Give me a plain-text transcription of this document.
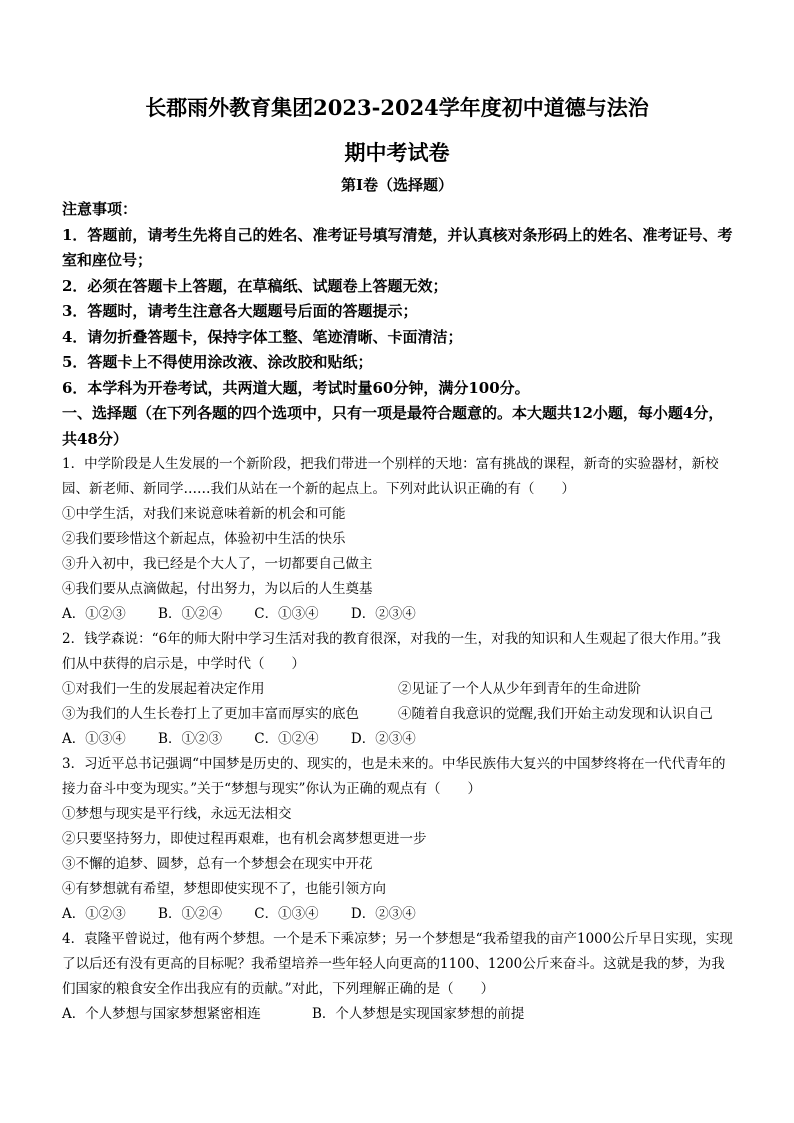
长郡雨外教育集团2023-2024学年度初中道德与法治
期中考试卷
第Ⅰ卷（选择题）
注意事项：
1．答题前，请考生先将自己的姓名、准考证号填写清楚，并认真核对条形码上的姓名、准考证号、考室和座位号；
2．必须在答题卡上答题，在草稿纸、试题卷上答题无效；
3．答题时，请考生注意各大题题号后面的答题提示；
4．请勿折叠答题卡，保持字体工整、笔迹清晰、卡面清洁；
5．答题卡上不得使用涂改液、涂改胶和贴纸；
6．本学科为开卷考试，共两道大题，考试时量60分钟，满分100分。
一、选择题（在下列各题的四个选项中，只有一项是最符合题意的。本大题共12小题，每小题4分，共48分）
1．中学阶段是人生发展的一个新阶段，把我们带进一个别样的天地：富有挑战的课程，新奇的实验器材，新校园、新老师、新同学……我们从站在一个新的起点上。下列对此认识正确的有（　　）
①中学生活，对我们来说意味着新的机会和可能
②我们要珍惜这个新起点，体验初中生活的快乐
③升入初中，我已经是个大人了，一切都要自己做主
④我们要从点滴做起，付出努力，为以后的人生奠基
A．①②③ B．①②④ C．①③④ D．②③④
2．钱学森说：“6年的师大附中学习生活对我的教育很深，对我的一生，对我的知识和人生观起了很大作用。”我们从中获得的启示是，中学时代（　　）
①对我们一生的发展起着决定作用	②见证了一个人从少年到青年的生命进阶
③为我们的人生长卷打上了更加丰富而厚实的底色	④随着自我意识的觉醒,我们开始主动发现和认识自己
A．①③④ B．①②③ C．①②④ D．②③④
3．习近平总书记强调“中国梦是历史的、现实的，也是未来的。中华民族伟大复兴的中国梦终将在一代代青年的接力奋斗中变为现实。”关于“梦想与现实”你认为正确的观点有（　　）
①梦想与现实是平行线，永远无法相交
②只要坚持努力，即使过程再艰难，也有机会离梦想更进一步
③不懈的追梦、圆梦，总有一个梦想会在现实中开花
④有梦想就有希望，梦想即使实现不了，也能引领方向
A．①②③ B．①②④ C．①③④ D．②③④
4．袁隆平曾说过，他有两个梦想。一个是禾下乘凉梦；另一个梦想是“我希望我的亩产1000公斤早日实现，实现了以后还有没有更高的目标呢？我希望培养一些年轻人向更高的1100、1200公斤来奋斗。这就是我的梦，为我们国家的粮食安全作出我应有的贡献。”对此，下列理解正确的是（　　）
A．个人梦想与国家梦想紧密相连	B．个人梦想是实现国家梦想的前提
